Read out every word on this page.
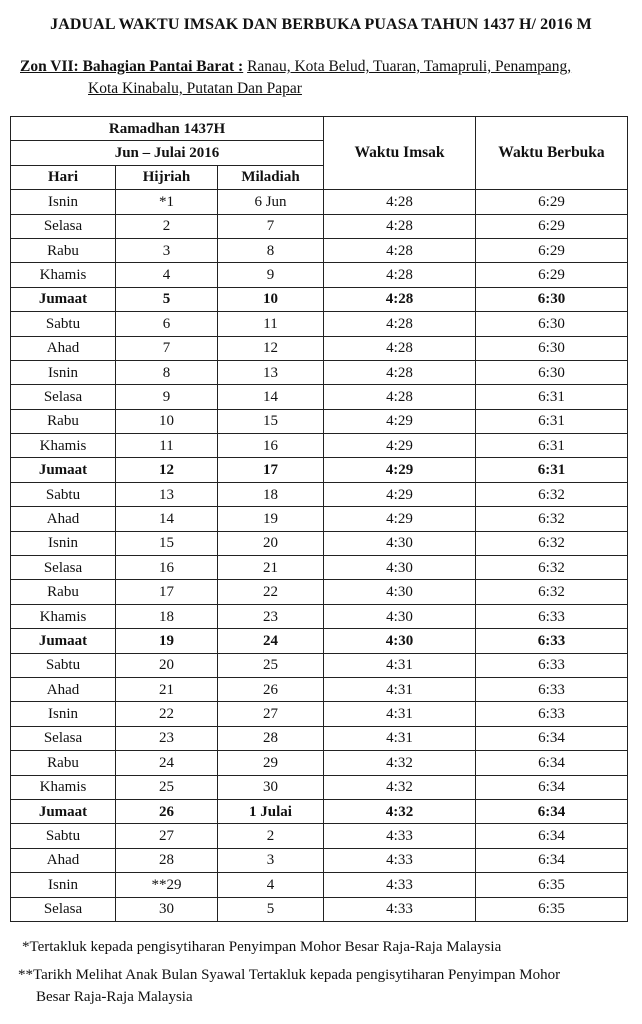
JADUAL WAKTU IMSAK DAN BERBUKA PUASA TAHUN 1437 H/ 2016 M
Zon VII: Bahagian Pantai Barat : Ranau, Kota Belud, Tuaran, Tamapruli, Penampang,
Kota Kinabalu, Putatan Dan Papar
Ramadhan 1437H			Waktu Imsak	Waktu Berbuka
Jun – Julai 2016				
Hari	Hijriah	Miladiah		
Isnin	*1	6 Jun	4:28	6:29
Selasa	2	7	4:28	6:29
Rabu	3	8	4:28	6:29
Khamis	4	9	4:28	6:29
Jumaat	5	10	4:28	6:30
Sabtu	6	11	4:28	6:30
Ahad	7	12	4:28	6:30
Isnin	8	13	4:28	6:30
Selasa	9	14	4:28	6:31
Rabu	10	15	4:29	6:31
Khamis	11	16	4:29	6:31
Jumaat	12	17	4:29	6:31
Sabtu	13	18	4:29	6:32
Ahad	14	19	4:29	6:32
Isnin	15	20	4:30	6:32
Selasa	16	21	4:30	6:32
Rabu	17	22	4:30	6:32
Khamis	18	23	4:30	6:33
Jumaat	19	24	4:30	6:33
Sabtu	20	25	4:31	6:33
Ahad	21	26	4:31	6:33
Isnin	22	27	4:31	6:33
Selasa	23	28	4:31	6:34
Rabu	24	29	4:32	6:34
Khamis	25	30	4:32	6:34
Jumaat	26	1 Julai	4:32	6:34
Sabtu	27	2	4:33	6:34
Ahad	28	3	4:33	6:34
Isnin	**29	4	4:33	6:35
Selasa	30	5	4:33	6:35
*Tertakluk kepada pengisytiharan Penyimpan Mohor Besar Raja-Raja Malaysia
**Tarikh Melihat Anak Bulan Syawal Tertakluk kepada pengisytiharan Penyimpan Mohor
Besar Raja-Raja Malaysia
